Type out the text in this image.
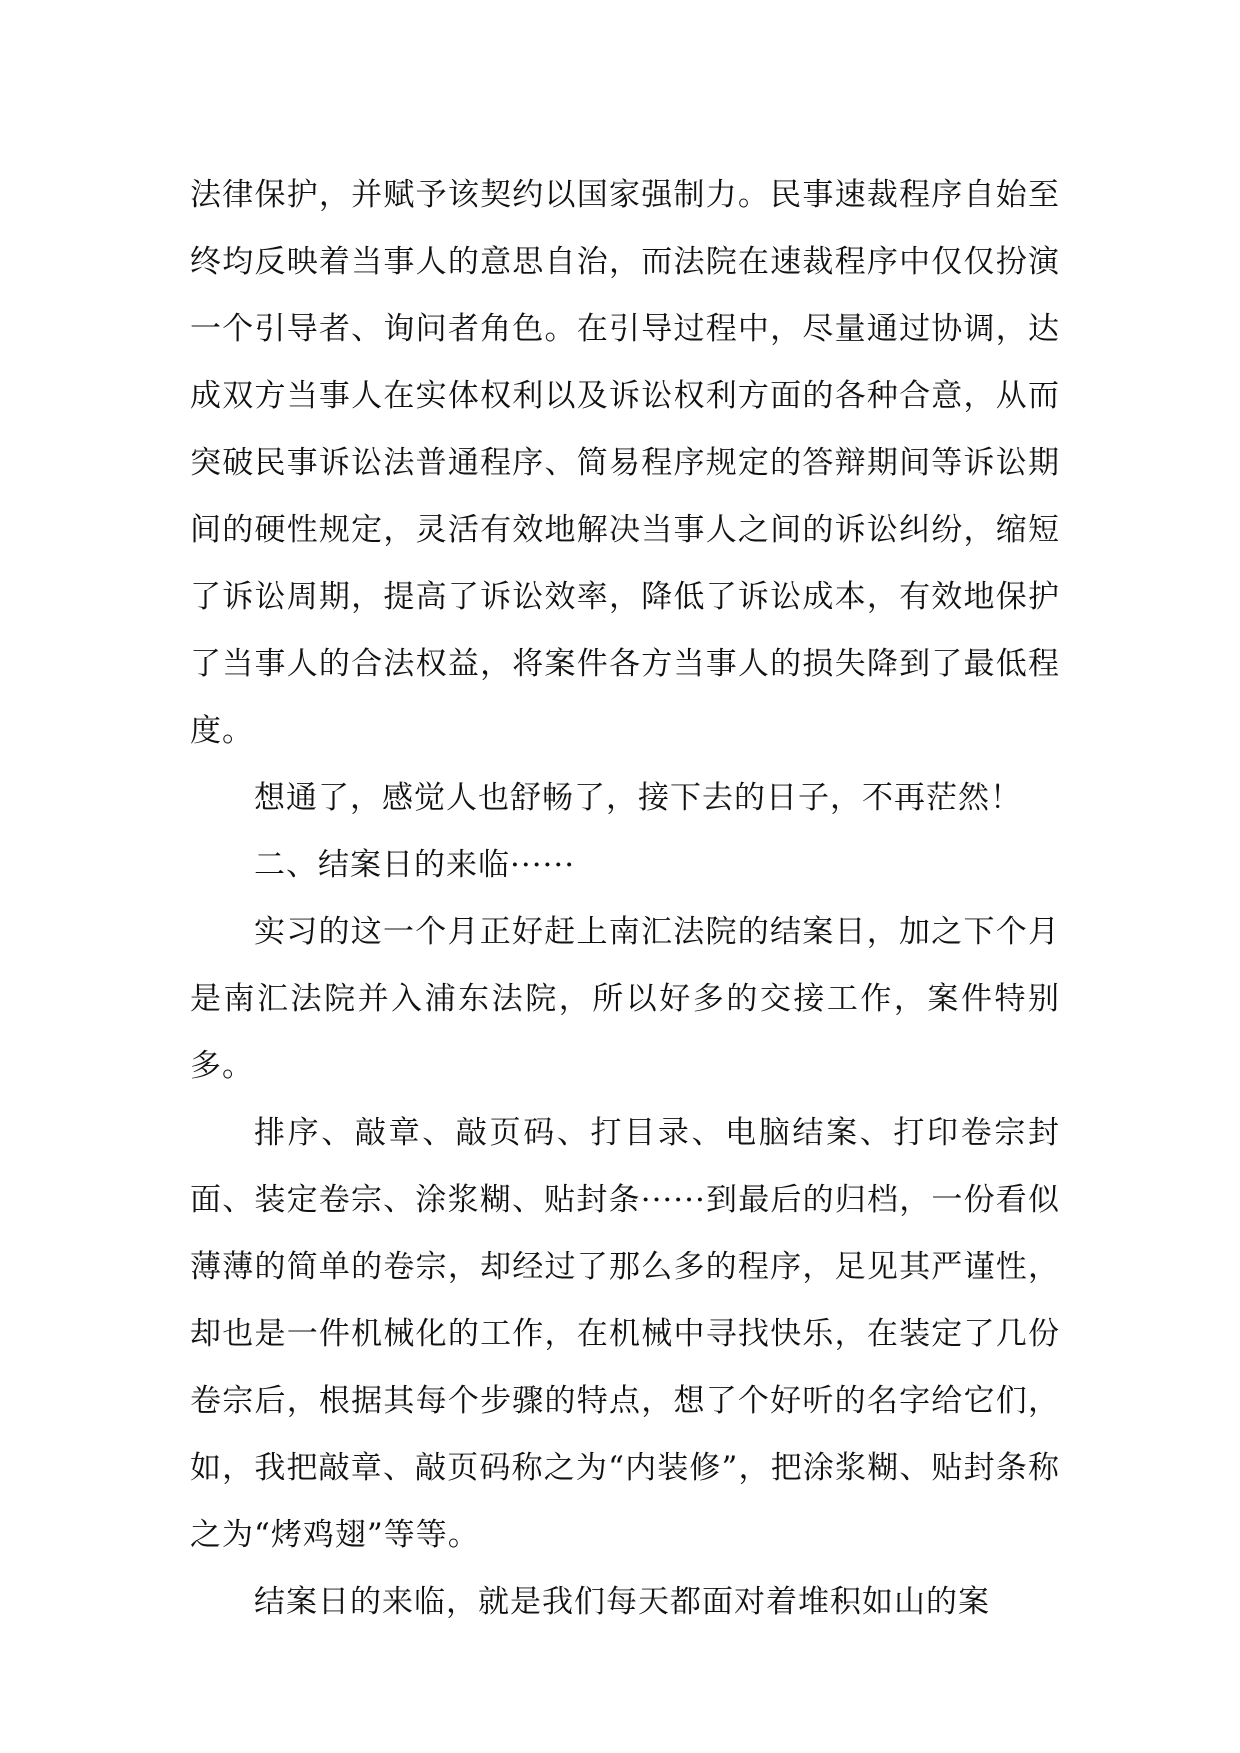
法律保护，并赋予该契约以国家强制力。民事速裁程序自始至终均反映着当事人的意思自治，而法院在速裁程序中仅仅扮演一个引导者、询问者角色。在引导过程中，尽量通过协调，达成双方当事人在实体权利以及诉讼权利方面的各种合意，从而突破民事诉讼法普通程序、简易程序规定的答辩期间等诉讼期间的硬性规定，灵活有效地解决当事人之间的诉讼纠纷，缩短了诉讼周期，提高了诉讼效率，降低了诉讼成本，有效地保护了当事人的合法权益，将案件各方当事人的损失降到了最低程度。

想通了，感觉人也舒畅了，接下去的日子，不再茫然！

二、结案日的来临······

实习的这一个月正好赶上南汇法院的结案日，加之下个月是南汇法院并入浦东法院，所以好多的交接工作，案件特别多。

排序、敲章、敲页码、打目录、电脑结案、打印卷宗封面、装定卷宗、涂浆糊、贴封条······到最后的归档，一份看似薄薄的简单的卷宗，却经过了那么多的程序，足见其严谨性，却也是一件机械化的工作，在机械中寻找快乐，在装定了几份卷宗后，根据其每个步骤的特点，想了个好听的名字给它们，如，我把敲章、敲页码称之为“内装修”，把涂浆糊、贴封条称之为“烤鸡翅”等等。

结案日的来临，就是我们每天都面对着堆积如山的案
